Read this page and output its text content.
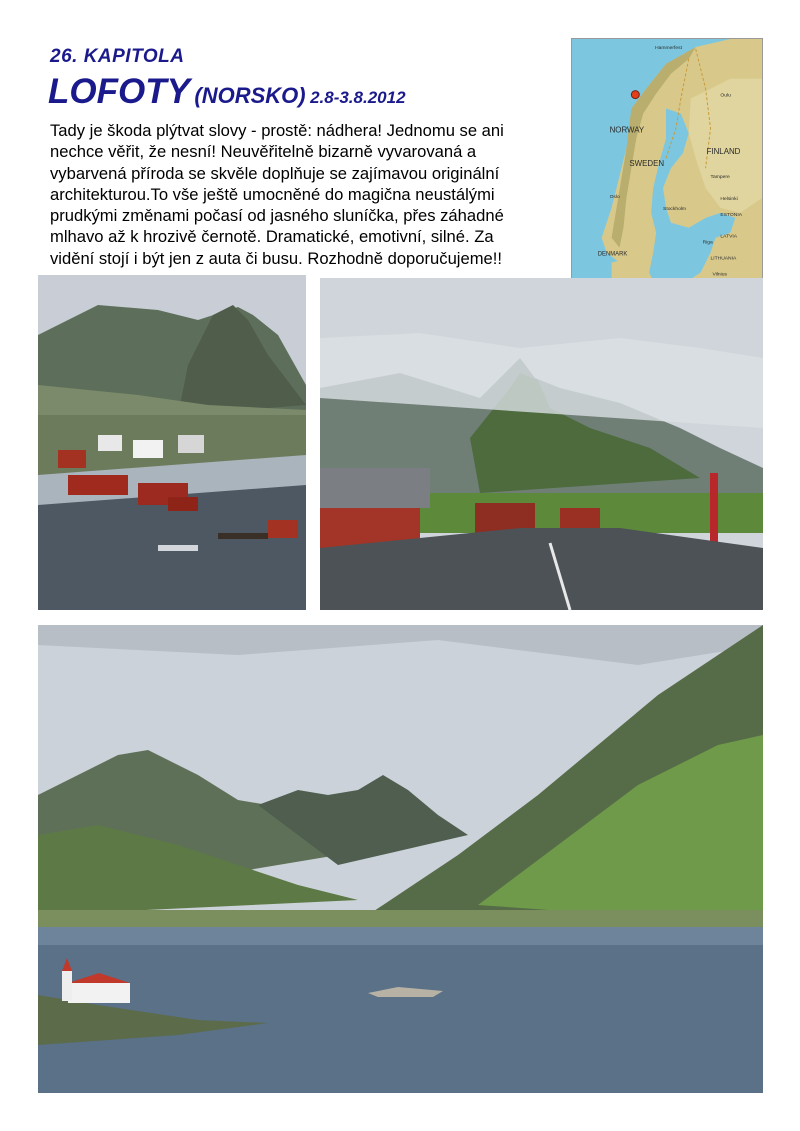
26. KAPITOLA
LOFOTY (NORSKO) 2.8-3.8.2012
Tady je škoda plýtvat slovy - prostě: nádhera! Jednomu se ani
nechce věřit, že nesní! Neuvěřitelně bizarně vyvarovaná a
vybarvená příroda se skvěle doplňuje se zajímavou originální
architekturou.To vše ještě umocněné do magična neustálými
prudkými změnami počasí od jasného sluníčka, přes záhadné
mlhavo až k hrozivě černotě. Dramatické, emotivní, silné. Za
vidění stojí i být jen z auta či busu. Rozhodně doporučujeme!!
Hammerfest
NORWAY
SWEDEN
FINLAND
Oulu
Tampere
Helsinki
Stockholm
Oslo
ESTONIA
LATVIA
Riga
LITHUANIA
Vilnius
DENMARK
